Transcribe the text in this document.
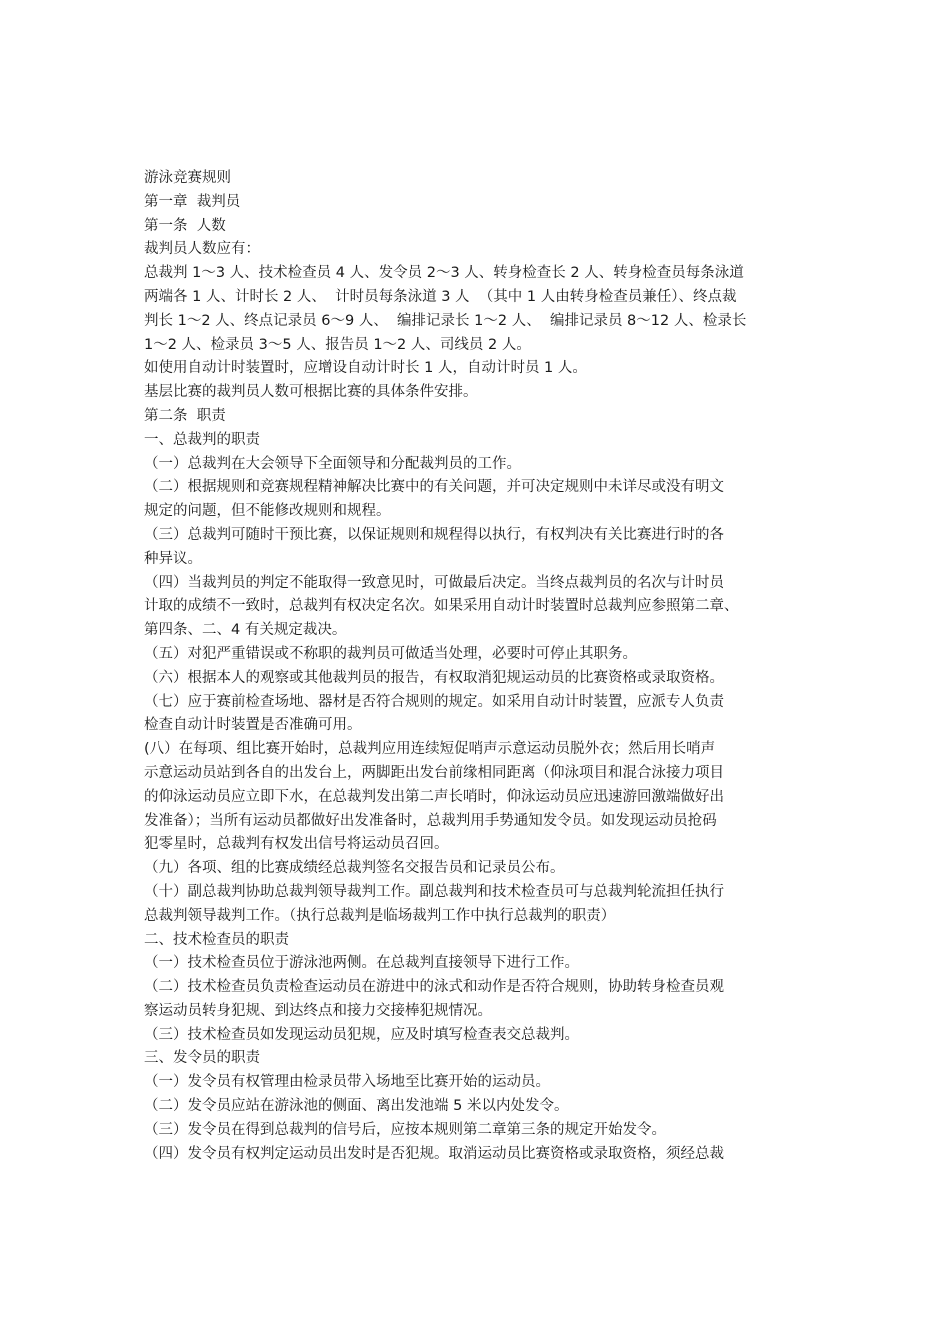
游泳竞赛规则
第一章  裁判员
第一条  人数
裁判员人数应有：
总裁判 1～3 人、技术检查员 4 人、发令员 2～3 人、转身检查长 2 人、转身检查员每条泳道
两端各 1 人、计时长 2 人、  计时员每条泳道 3 人  （其中 1 人由转身检查员兼任）、终点裁
判长 1～2 人、终点记录员 6～9 人、  编排记录长 1～2 人、  编排记录员 8～12 人、检录长
1～2 人、检录员 3～5 人、报告员 1～2 人、司线员 2 人。
如使用自动计时装置时，应增设自动计时长 1 人，自动计时员 1 人。
基层比赛的裁判员人数可根据比赛的具体条件安排。
第二条  职责
一、总裁判的职责
（一）总裁判在大会领导下全面领导和分配裁判员的工作。
（二）根据规则和竞赛规程精神解决比赛中的有关问题，并可决定规则中未详尽或没有明文
规定的问题，但不能修改规则和规程。
（三）总裁判可随时干预比赛，以保证规则和规程得以执行，有权判决有关比赛进行时的各
种异议。
（四）当裁判员的判定不能取得一致意见时，可做最后决定。当终点裁判员的名次与计时员
计取的成绩不一致时，总裁判有权决定名次。如果采用自动计时装置时总裁判应参照第二章、
第四条、二、4 有关规定裁决。
（五）对犯严重错误或不称职的裁判员可做适当处理，必要时可停止其职务。
（六）根据本人的观察或其他裁判员的报告，有权取消犯规运动员的比赛资格或录取资格。
（七）应于赛前检查场地、器材是否符合规则的规定。如采用自动计时装置，应派专人负责
检查自动计时装置是否准确可用。
(八）在每项、组比赛开始时，总裁判应用连续短促哨声示意运动员脱外衣；然后用长哨声
示意运动员站到各自的出发台上，两脚距出发台前缘相同距离（仰泳项目和混合泳接力项目
的仰泳运动员应立即下水，在总裁判发出第二声长哨时，仰泳运动员应迅速游回激端做好出
发准备）；当所有运动员都做好出发准备时，总裁判用手势通知发令员。如发现运动员抢码
犯零星时，总裁判有权发出信号将运动员召回。
（九）各项、组的比赛成绩经总裁判签名交报告员和记录员公布。
（十）副总裁判协助总裁判领导裁判工作。副总裁判和技术检查员可与总裁判轮流担任执行
总裁判领导裁判工作。（执行总裁判是临场裁判工作中执行总裁判的职责）
二、技术检查员的职责
（一）技术检查员位于游泳池两侧。在总裁判直接领导下进行工作。
（二）技术检查员负责检查运动员在游进中的泳式和动作是否符合规则，协助转身检查员观
察运动员转身犯规、到达终点和接力交接棒犯规情况。
（三）技术检查员如发现运动员犯规，应及时填写检查表交总裁判。
三、发令员的职责
（一）发令员有权管理由检录员带入场地至比赛开始的运动员。
（二）发令员应站在游泳池的侧面、离出发池端 5 米以内处发令。
（三）发令员在得到总裁判的信号后，应按本规则第二章第三条的规定开始发令。
（四）发令员有权判定运动员出发时是否犯规。取消运动员比赛资格或录取资格，须经总裁
